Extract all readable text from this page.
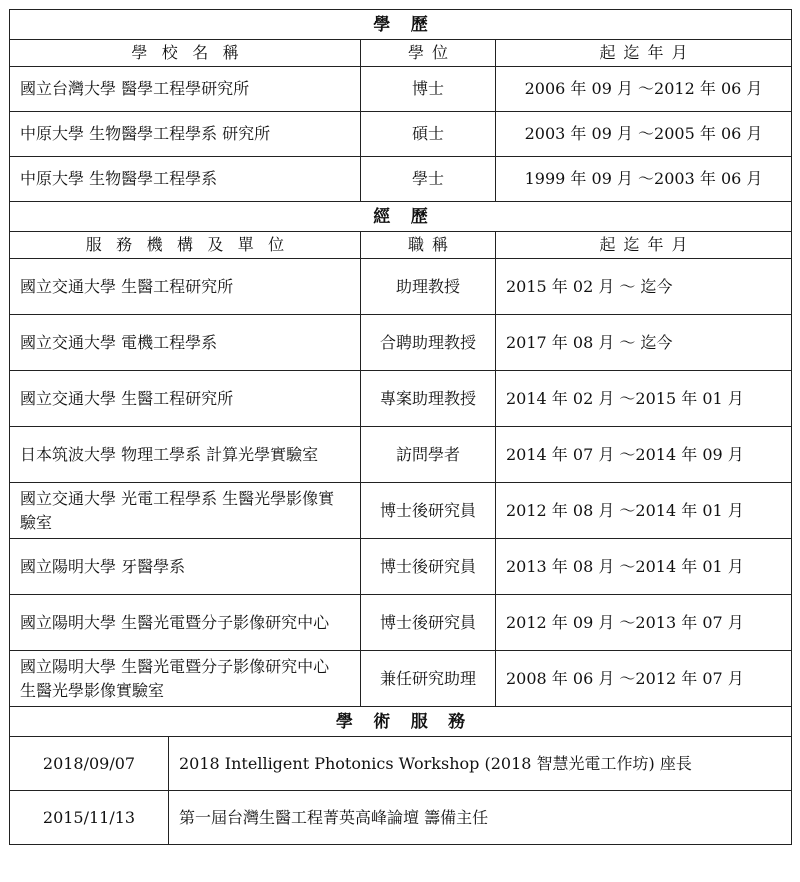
學歷			
學校名稱		學位	起迄年月
國立台灣大學 醫學工程學研究所		博士	2006 年 09 月 ～2012 年 06 月
中原大學 生物醫學工程學系 研究所		碩士	2003 年 09 月 ～2005 年 06 月
中原大學 生物醫學工程學系		學士	1999 年 09 月 ～2003 年 06 月
經歷			
服務機構及單位		職稱	起迄年月
國立交通大學 生醫工程研究所		助理教授	2015 年 02 月 ～ 迄今
國立交通大學 電機工程學系		合聘助理教授	2017 年 08 月 ～ 迄今
國立交通大學 生醫工程研究所		專案助理教授	2014 年 02 月 ～2015 年 01 月
日本筑波大學 物理工學系 計算光學實驗室		訪問學者	2014 年 07 月 ～2014 年 09 月
國立交通大學 光電工程學系 生醫光學影像實驗室		博士後研究員	2012 年 08 月 ～2014 年 01 月
國立陽明大學 牙醫學系		博士後研究員	2013 年 08 月 ～2014 年 01 月
國立陽明大學 生醫光電暨分子影像研究中心		博士後研究員	2012 年 09 月 ～2013 年 07 月
國立陽明大學 生醫光電暨分子影像研究中心 生醫光學影像實驗室		兼任研究助理	2008 年 06 月 ～2012 年 07 月
學術服務			
2018/09/07	2018 Intelligent Photonics Workshop (2018 智慧光電工作坊) 座長		
2015/11/13	第一屆台灣生醫工程菁英高峰論壇 籌備主任		
